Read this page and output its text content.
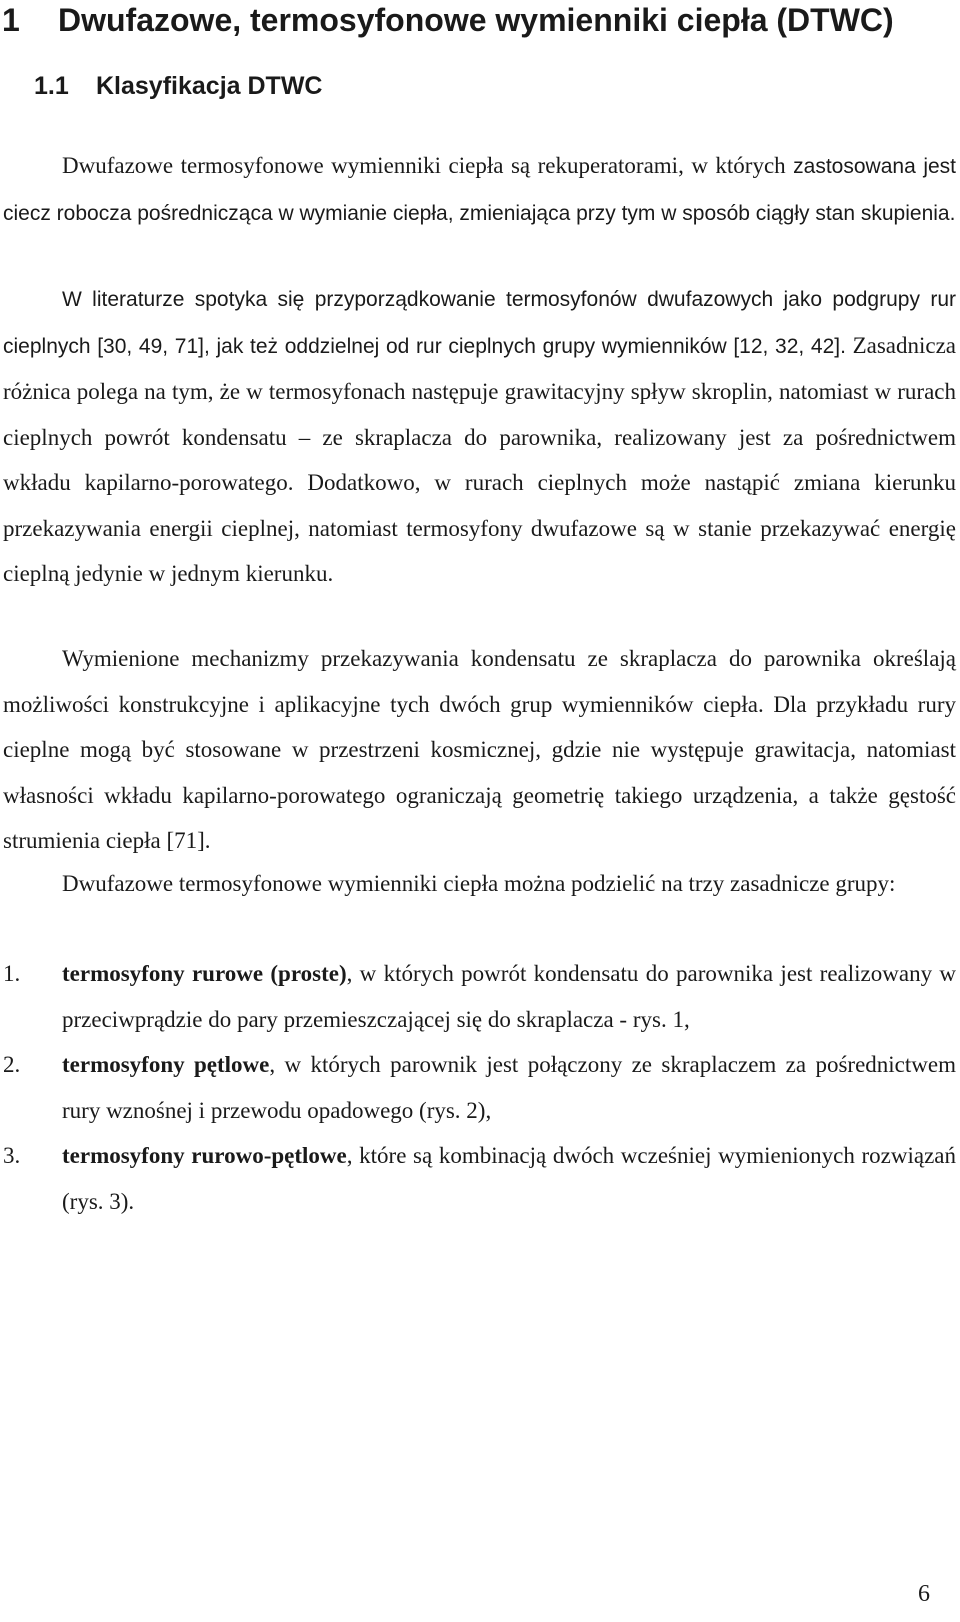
1 Dwufazowe, termosyfonowe wymienniki ciepła (DTWC)
1.1 Klasyfikacja DTWC

Dwufazowe termosyfonowe wymienniki ciepła są rekuperatorami, w których zastosowana jest ciecz robocza pośrednicząca w wymianie ciepła, zmieniająca przy tym w sposób ciągły stan skupienia.

W literaturze spotyka się przyporządkowanie termosyfonów dwufazowych jako podgrupy rur cieplnych [30, 49, 71], jak też oddzielnej od rur cieplnych grupy wymienników [12, 32, 42]. Zasadnicza różnica polega na tym, że w termosyfonach następuje grawitacyjny spływ skroplin, natomiast w rurach cieplnych powrót kondensatu – ze skraplacza do parownika, realizowany jest za pośrednictwem wkładu kapilarno-porowatego. Dodatkowo, w rurach cieplnych może nastąpić zmiana kierunku przekazywania energii cieplnej, natomiast termosyfony dwufazowe są w stanie przekazywać energię cieplną jedynie w jednym kierunku.

Wymienione mechanizmy przekazywania kondensatu ze skraplacza do parownika określają możliwości konstrukcyjne i aplikacyjne tych dwóch grup wymienników ciepła. Dla przykładu rury cieplne mogą być stosowane w przestrzeni kosmicznej, gdzie nie występuje grawitacja, natomiast własności wkładu kapilarno-porowatego ograniczają geometrię takiego urządzenia, a także gęstość strumienia ciepła [71].

Dwufazowe termosyfonowe wymienniki ciepła można podzielić na trzy zasadnicze grupy:

1. termosyfony rurowe (proste), w których powrót kondensatu do parownika jest realizowany w przeciwprądzie do pary przemieszczającej się do skraplacza - rys. 1,
2. termosyfony pętlowe, w których parownik jest połączony ze skraplaczem za pośrednictwem rury wznośnej i przewodu opadowego (rys. 2),
3. termosyfony rurowo-pętlowe, które są kombinacją dwóch wcześniej wymienionych rozwiązań (rys. 3).
6
